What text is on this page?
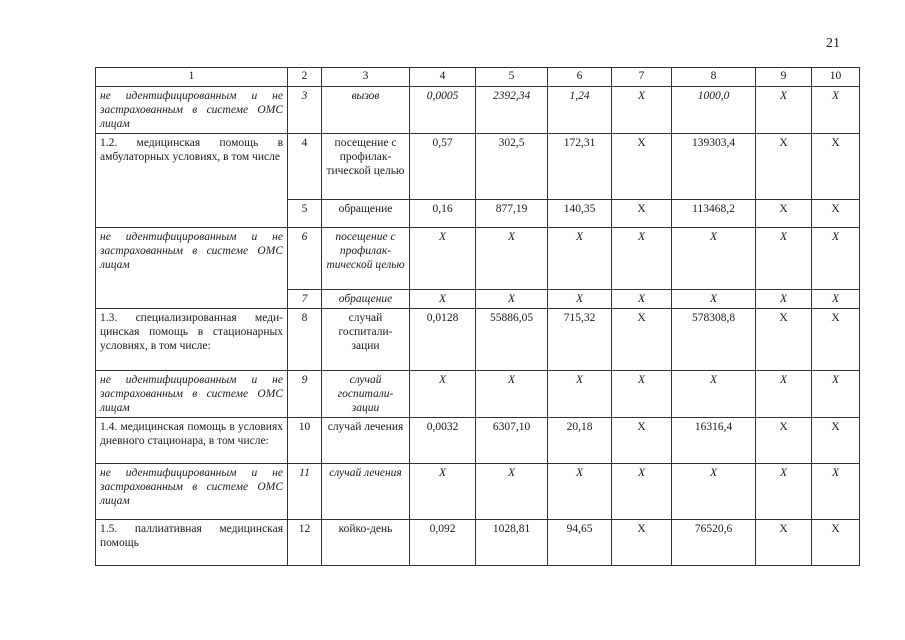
21
1	2	3	4	5	6	7	8	9	10
не идентифицированным и не застрахованным в системе ОМС лицам	3	вызов	0,0005	2392,34	1,24	Х	1000,0	Х	Х
1.2. медицинская помощь в амбулаторных условиях, в том числе	4	посещение с профилак-тической целью	0,57	302,5	172,31	Х	139303,4	Х	Х
	5	обращение	0,16	877,19	140,35	Х	113468,2	Х	Х
не идентифицированным и не застрахованным в системе ОМС лицам	6	посещение с профилак-тической целью	Х	Х	Х	Х	Х	Х	Х
	7	обращение	Х	Х	Х	Х	Х	Х	Х
1.3. специализированная меди-цинская помощь в стационарных условиях, в том числе:	8	случай госпитали-зации	0,0128	55886,05	715,32	Х	578308,8	Х	Х
не идентифицированным и не застрахованным в системе ОМС лицам	9	случай госпитали-зации	Х	Х	Х	Х	Х	Х	Х
1.4. медицинская помощь в условиях дневного стационара, в том числе:	10	случай лечения	0,0032	6307,10	20,18	Х	16316,4	Х	Х
не идентифицированным и не застрахованным в системе ОМС лицам	11	случай лечения	Х	Х	Х	Х	Х	Х	Х
1.5. паллиативная медицинская помощь	12	койко-день	0,092	1028,81	94,65	Х	76520,6	Х	Х
